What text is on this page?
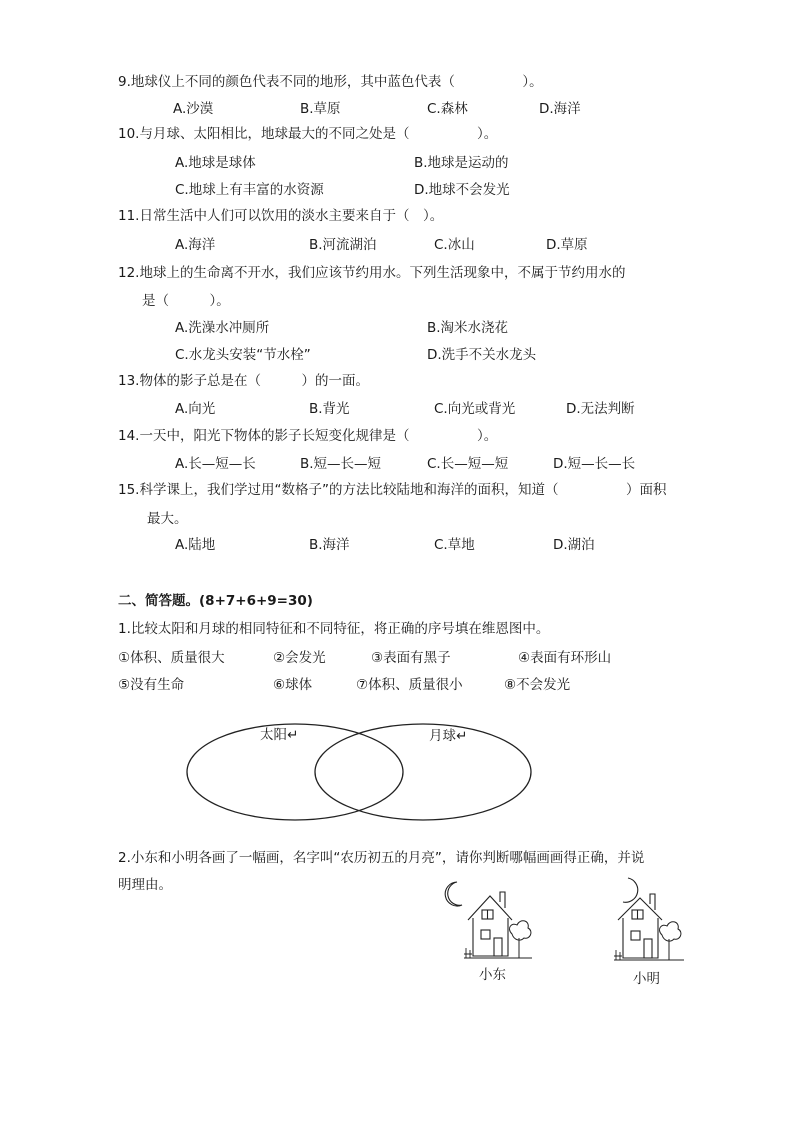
9.地球仪上不同的颜色代表不同的地形，其中蓝色代表（　　　　　）。
A.沙漠	B.草原	C.森林	D.海洋
10.与月球、太阳相比，地球最大的不同之处是（　　　　　）。
A.地球是球体	B.地球是运动的
C.地球上有丰富的水资源	D.地球不会发光
11.日常生活中人们可以饮用的淡水主要来自于（　）。
A.海洋	B.河流湖泊	C.冰山	D.草原
12.地球上的生命离不开水，我们应该节约用水。下列生活现象中，不属于节约用水的
是（　　　）。
A.洗澡水冲厕所	B.淘米水浇花
C.水龙头安装“节水栓”	D.洗手不关水龙头
13.物体的影子总是在（　　　）的一面。
A.向光	B.背光	C.向光或背光	D.无法判断
14.一天中，阳光下物体的影子长短变化规律是（　　　　　）。
A.长—短—长	B.短—长—短	C.长—短—短	D.短—长—长
15.科学课上，我们学过用“数格子”的方法比较陆地和海洋的面积，知道（　　　　　）面积
最大。
A.陆地	B.海洋	C.草地	D.湖泊
二、简答题。(8+7+6+9=30)
1.比较太阳和月球的相同特征和不同特征，将正确的序号填在维恩图中。
①体积、质量很大	②会发光	③表面有黑子	④表面有环形山
⑤没有生命	⑥球体	⑦体积、质量很小	⑧不会发光
太阳↵	月球↵
2.小东和小明各画了一幅画，名字叫“农历初五的月亮”，请你判断哪幅画画得正确，并说
明理由。
小东	小明
